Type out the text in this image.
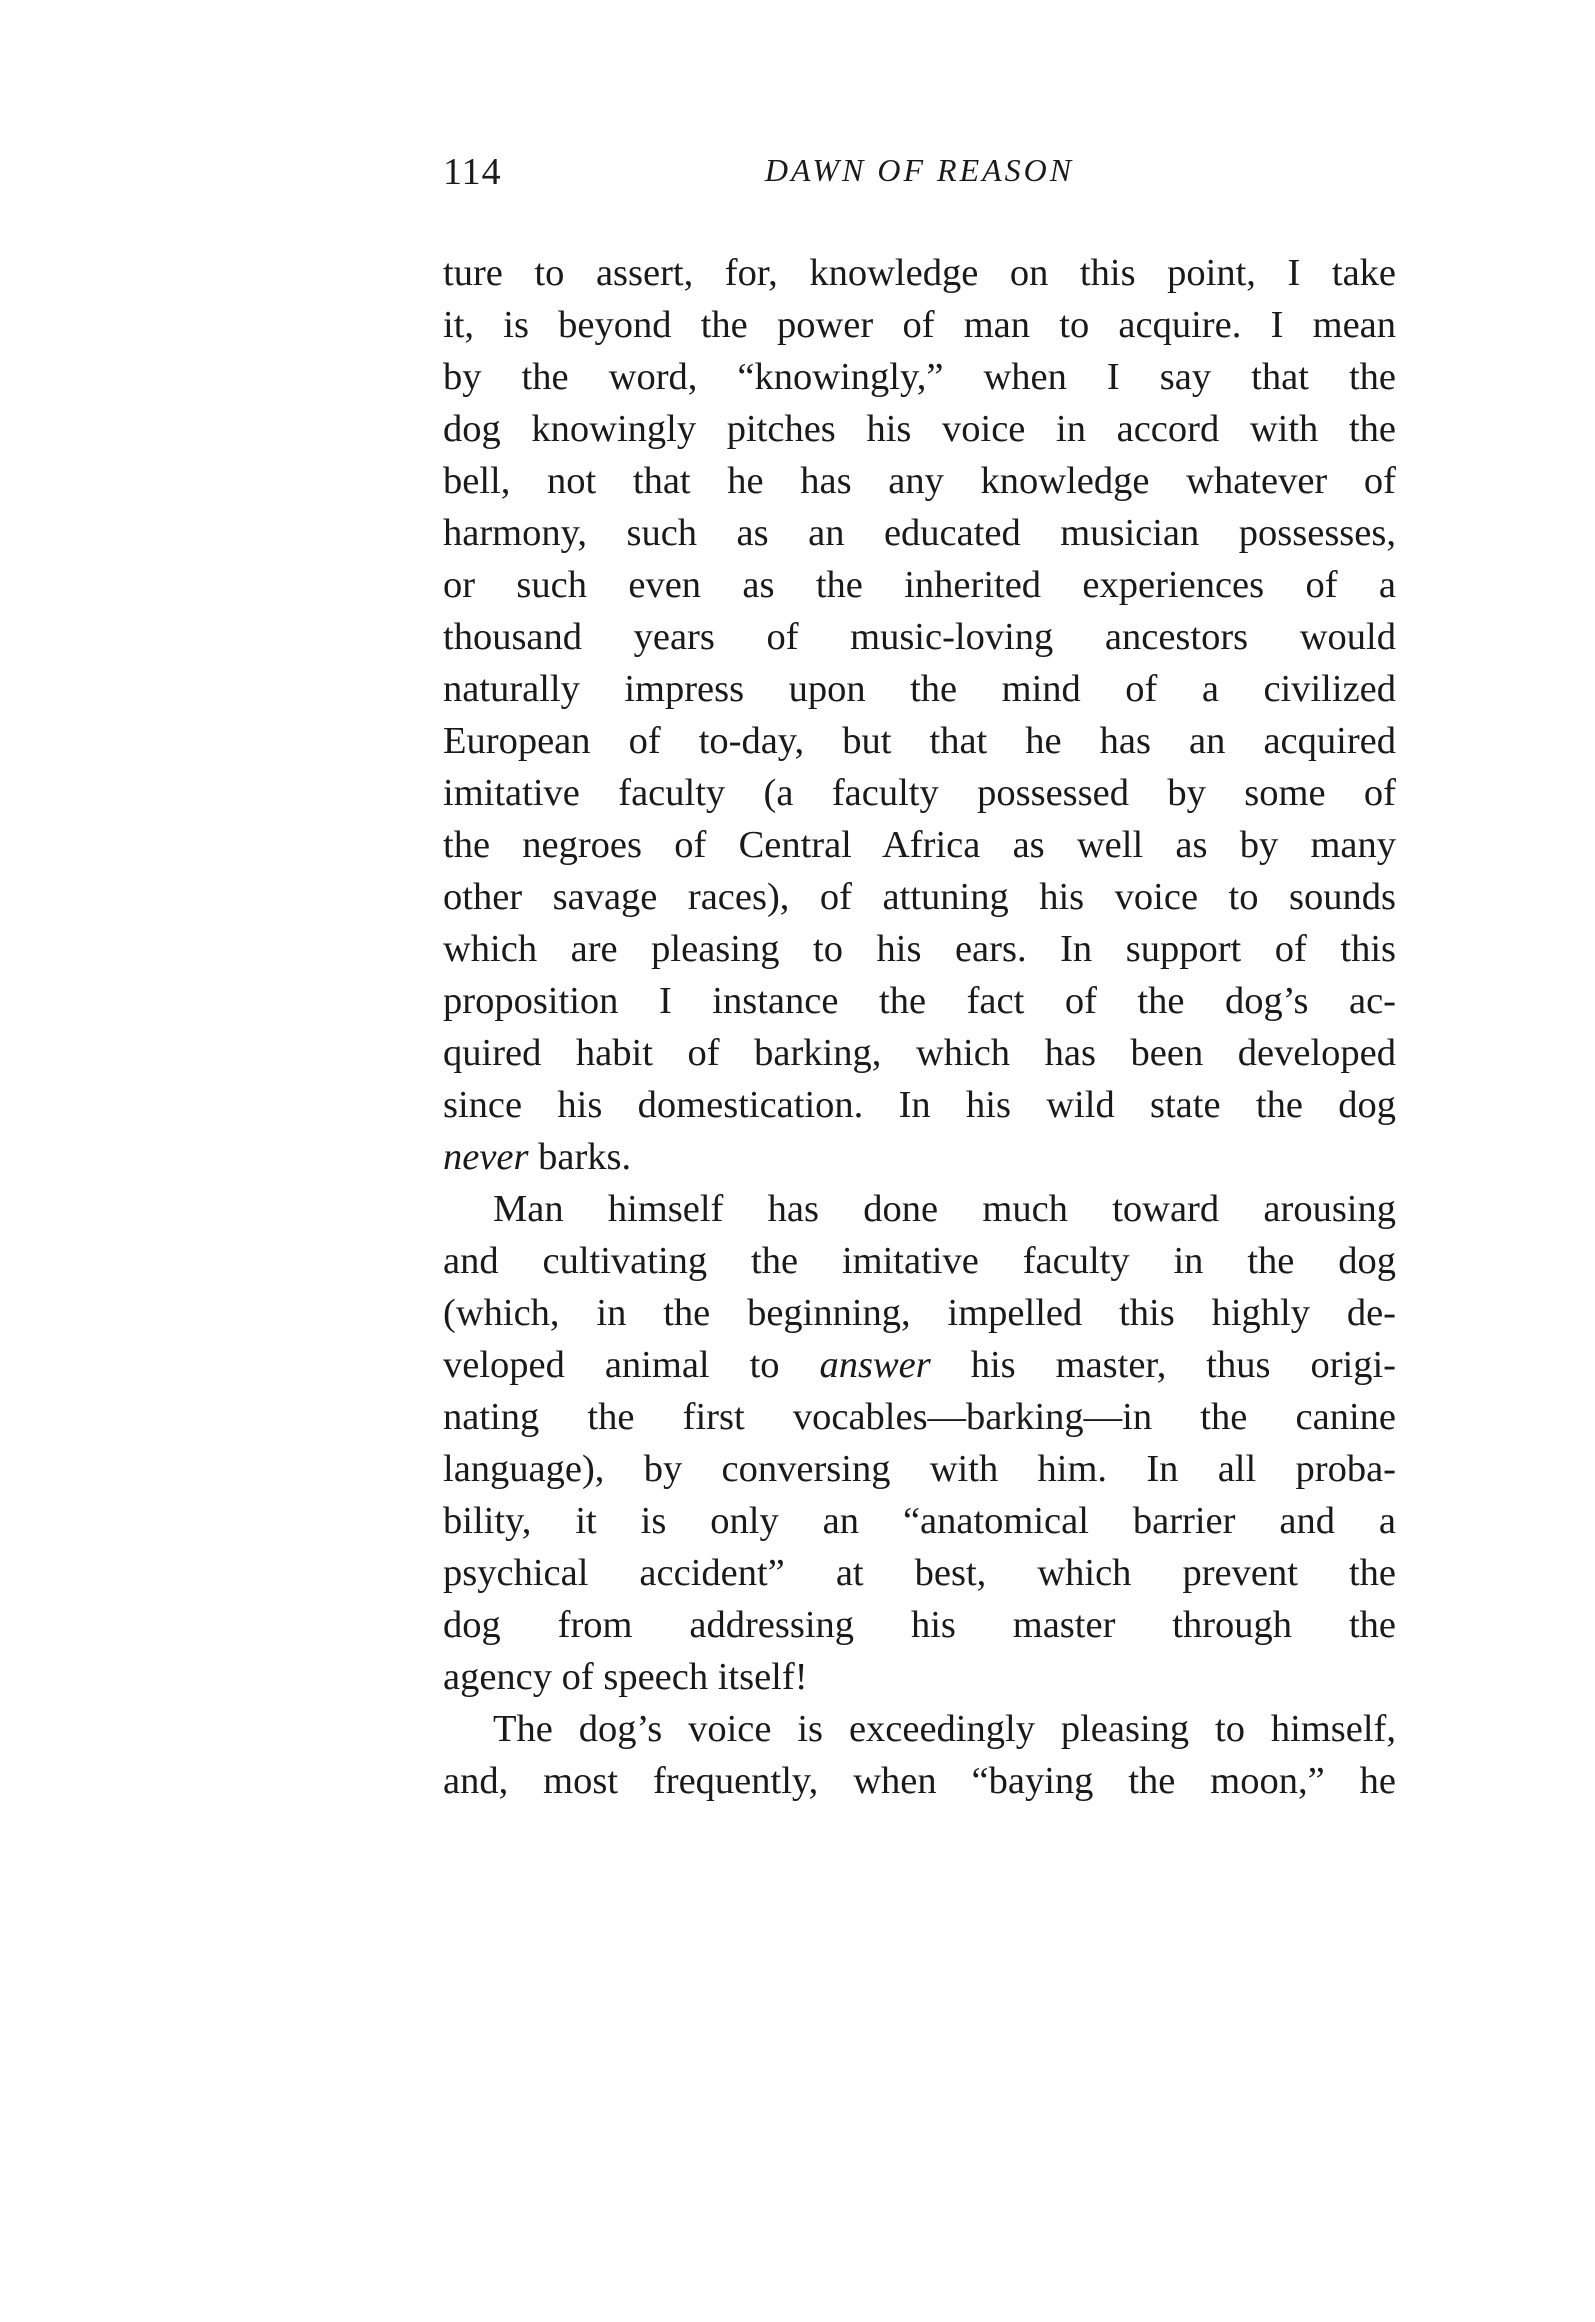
114	DAWN OF REASON
ture to assert, for, knowledge on this point, I take
it, is beyond the power of man to acquire. I mean
by the word, “knowingly,” when I say that the
dog knowingly pitches his voice in accord with the
bell, not that he has any knowledge whatever of
harmony, such as an educated musician possesses,
or such even as the inherited experiences of a
thousand years of music-loving ancestors would
naturally impress upon the mind of a civilized
European of to-day, but that he has an acquired
imitative faculty (a faculty possessed by some of
the negroes of Central Africa as well as by many
other savage races), of attuning his voice to sounds
which are pleasing to his ears. In support of this
proposition I instance the fact of the dog’s ac-
quired habit of barking, which has been developed
since his domestication. In his wild state the dog
never barks.
Man himself has done much toward arousing
and cultivating the imitative faculty in the dog
(which, in the beginning, impelled this highly de-
veloped animal to answer his master, thus origi-
nating the first vocables—barking—in the canine
language), by conversing with him. In all proba-
bility, it is only an “anatomical barrier and a
psychical accident” at best, which prevent the
dog from addressing his master through the
agency of speech itself!
The dog’s voice is exceedingly pleasing to himself,
and, most frequently, when “baying the moon,” he
